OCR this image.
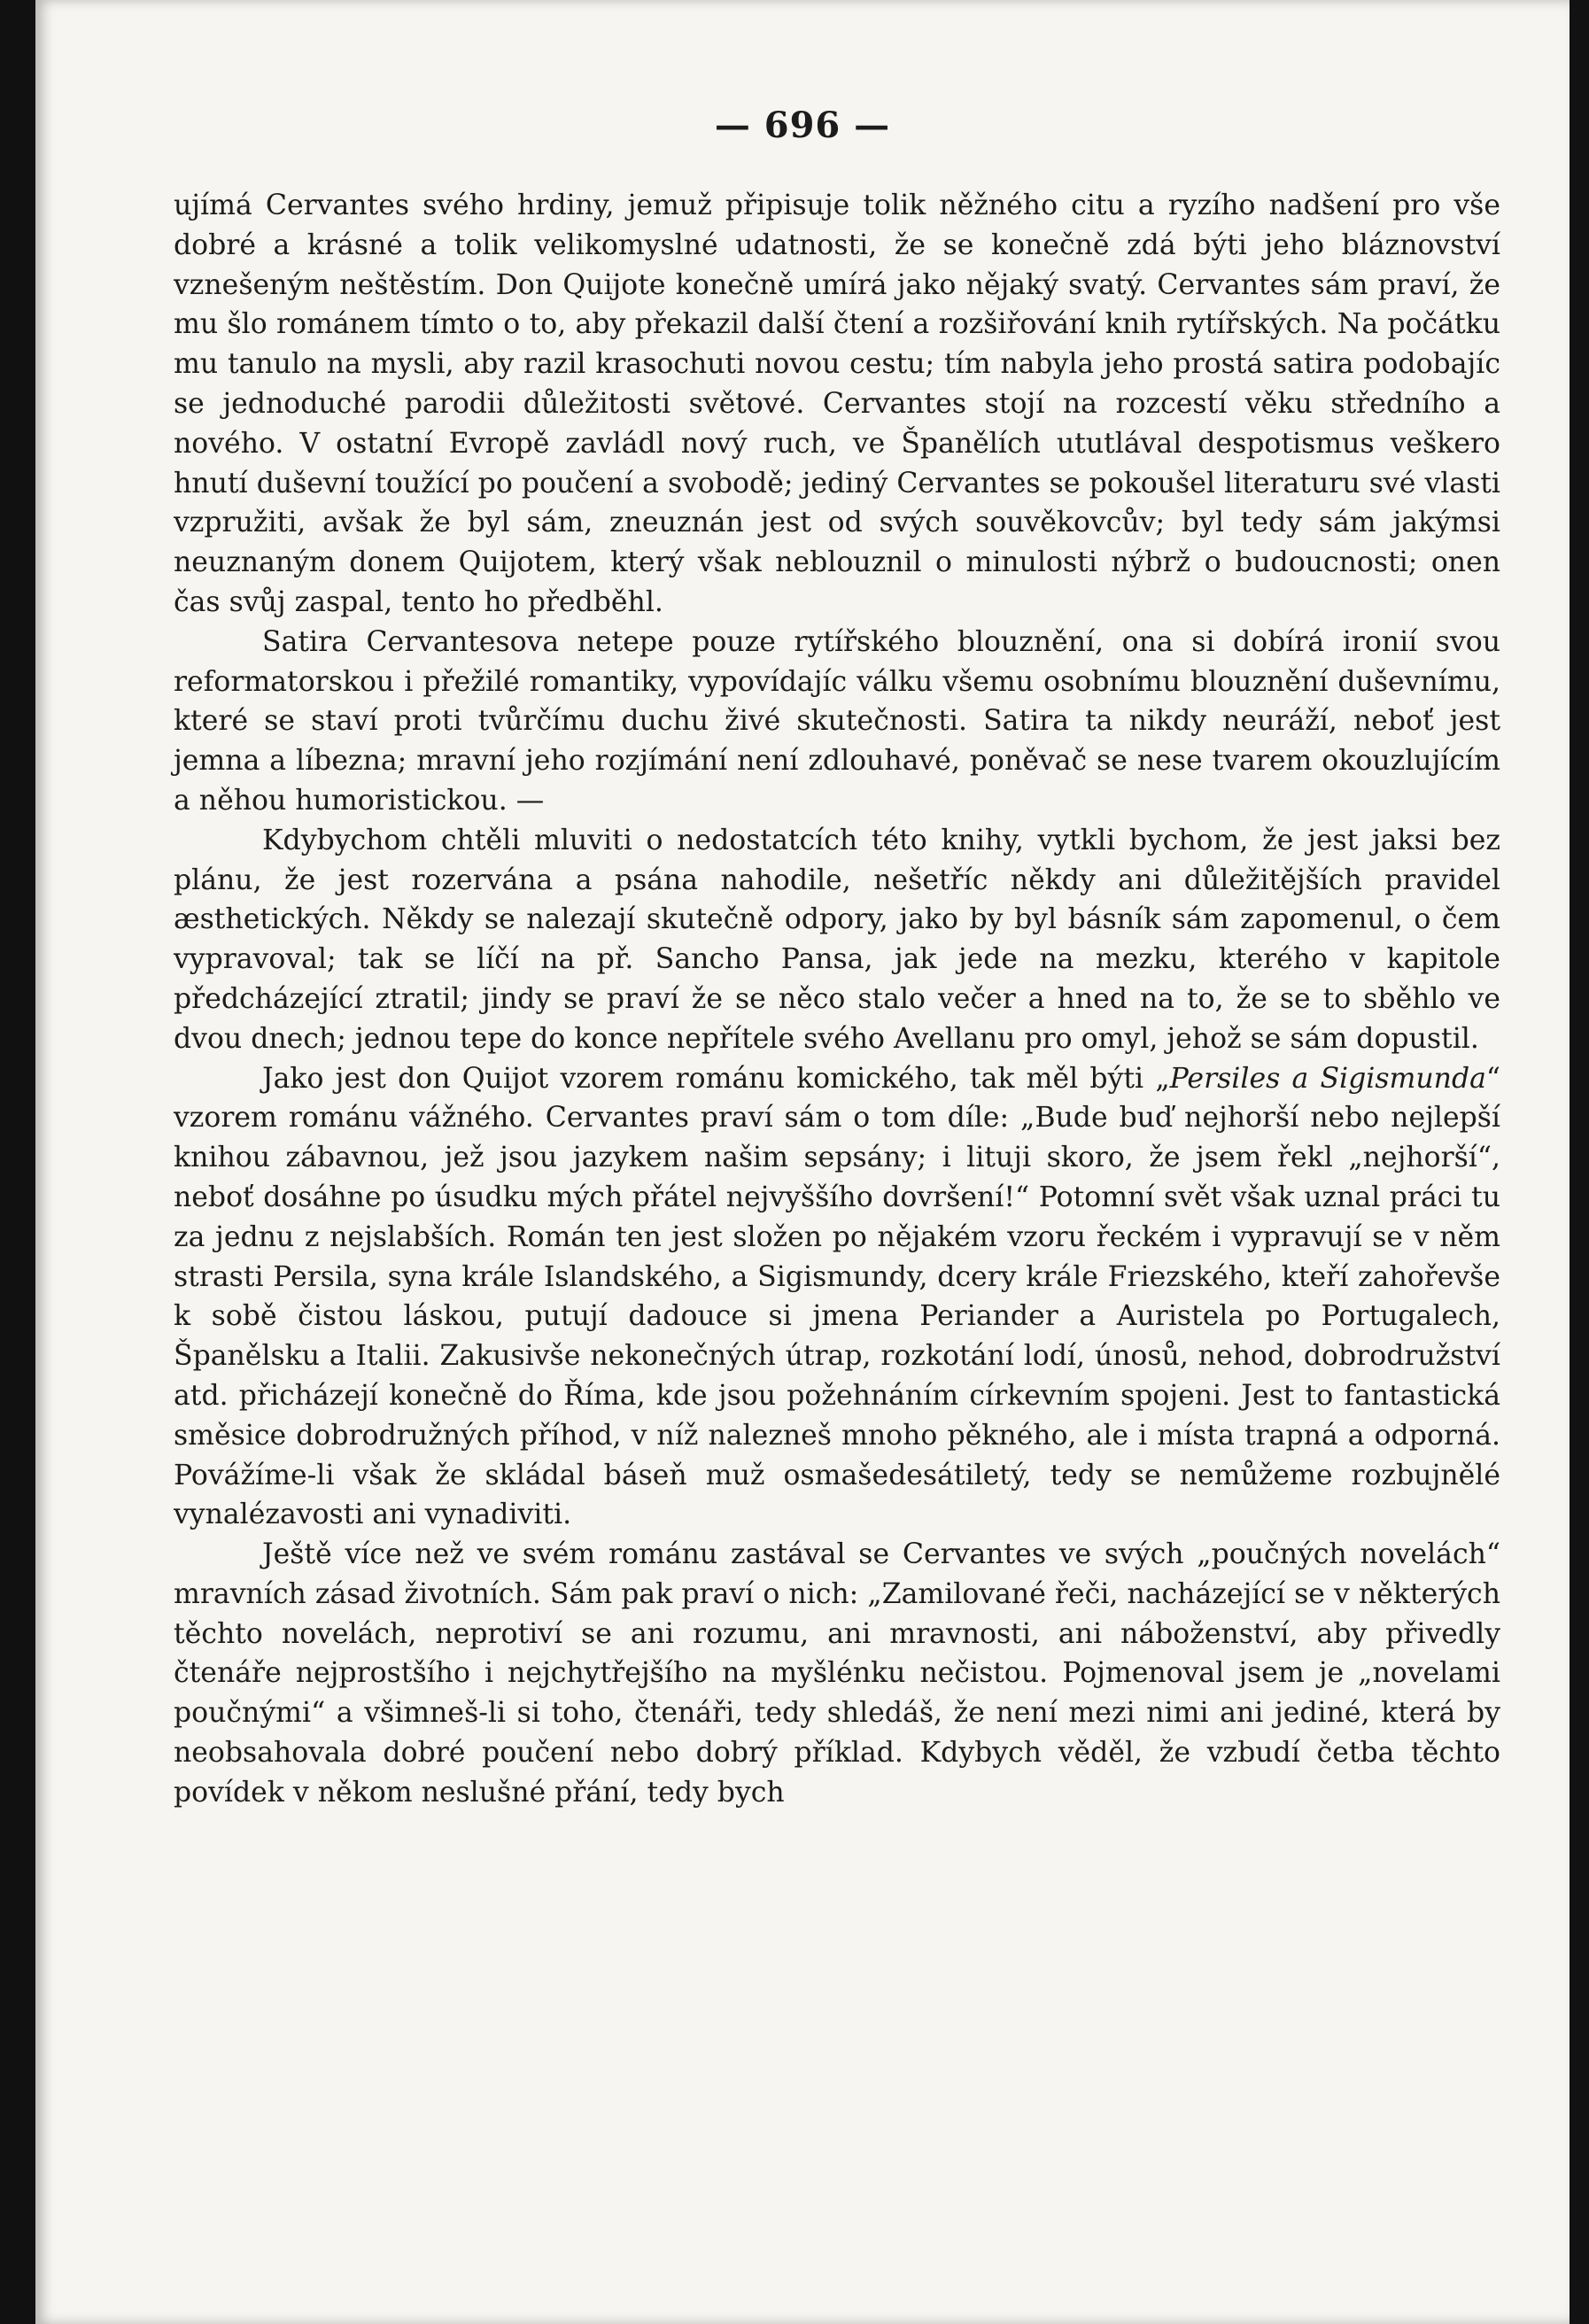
— 696 —

ujímá Cervantes svého hrdiny, jemuž připisuje tolik něžného citu a ryzího nadšení pro vše dobré a krásné a tolik velikomyslné udatnosti, že se konečně zdá býti jeho bláznovství vznešeným neštěstím. Don Quijote konečně umírá jako nějaký svatý. Cervantes sám praví, že mu šlo románem tímto o to, aby překazil další čtení a rozšiřování knih rytířských. Na počátku mu tanulo na mysli, aby razil krasochuti novou cestu; tím nabyla jeho prostá satira podobajíc se jednoduché parodii důležitosti světové. Cervantes stojí na rozcestí věku středního a nového. V ostatní Evropě zavládl nový ruch, ve Španělích ututlával despotismus veškero hnutí duševní toužící po poučení a svobodě; jediný Cervantes se pokoušel literaturu své vlasti vzpružiti, avšak že byl sám, zneuznán jest od svých souvěkovcův; byl tedy sám jakýmsi neuznaným donem Quijotem, který však neblouznil o minulosti nýbrž o budoucnosti; onen čas svůj zaspal, tento ho předběhl.

Satira Cervantesova netepe pouze rytířského blouznění, ona si dobírá ironií svou reformatorskou i přežilé romantiky, vypovídajíc válku všemu osobnímu blouznění duševnímu, které se staví proti tvůrčímu duchu živé skutečnosti. Satira ta nikdy neuráží, neboť jest jemna a líbezna; mravní jeho rozjímání není zdlouhavé, poněvač se nese tvarem okouzlujícím a něhou humoristickou. —

Kdybychom chtěli mluviti o nedostatcích této knihy, vytkli bychom, že jest jaksi bez plánu, že jest rozervána a psána nahodile, nešetříc někdy ani důležitějších pravidel æsthetických. Někdy se nalezají skutečně odpory, jako by byl básník sám zapomenul, o čem vypravoval; tak se líčí na př. Sancho Pansa, jak jede na mezku, kterého v kapitole předcházející ztratil; jindy se praví že se něco stalo večer a hned na to, že se to sběhlo ve dvou dnech; jednou tepe do konce nepřítele svého Avellanu pro omyl, jehož se sám dopustil.

Jako jest don Quijot vzorem románu komického, tak měl býti „Persiles a Sigismunda“ vzorem románu vážného. Cervantes praví sám o tom díle: „Bude buď nejhorší nebo nejlepší knihou zábavnou, jež jsou jazykem našim sepsány; i lituji skoro, že jsem řekl „nejhorší“, neboť dosáhne po úsudku mých přátel nejvyššího dovršení!“ Potomní svět však uznal práci tu za jednu z nejslabších. Román ten jest složen po nějakém vzoru řeckém i vypravují se v něm strasti Persila, syna krále Islandského, a Sigismundy, dcery krále Friezského, kteří zahořevše k sobě čistou láskou, putují dadouce si jmena Periander a Auristela po Portugalech, Španělsku a Italii. Zakusivše nekonečných útrap, rozkotání lodí, únosů, nehod, dobrodružství atd. přicházejí konečně do Říma, kde jsou požehnáním církevním spojeni. Jest to fantastická směsice dobrodružných příhod, v níž nalezneš mnoho pěkného, ale i místa trapná a odporná. Povážíme-li však že skládal báseň muž osmašedesátiletý, tedy se nemůžeme rozbujnělé vynalézavosti ani vynadiviti.

Ještě více než ve svém románu zastával se Cervantes ve svých „poučných novelách“ mravních zásad životních. Sám pak praví o nich: „Zamilované řeči, nacházející se v některých těchto novelách, neprotiví se ani rozumu, ani mravnosti, ani náboženství, aby přivedly čtenáře nejprostšího i nejchytřejšího na myšlénku nečistou. Pojmenoval jsem je „novelami poučnými“ a všimneš-li si toho, čtenáři, tedy shledáš, že není mezi nimi ani jediné, která by neobsahovala dobré poučení nebo dobrý příklad. Kdybych věděl, že vzbudí četba těchto povídek v někom neslušné přání, tedy bych
